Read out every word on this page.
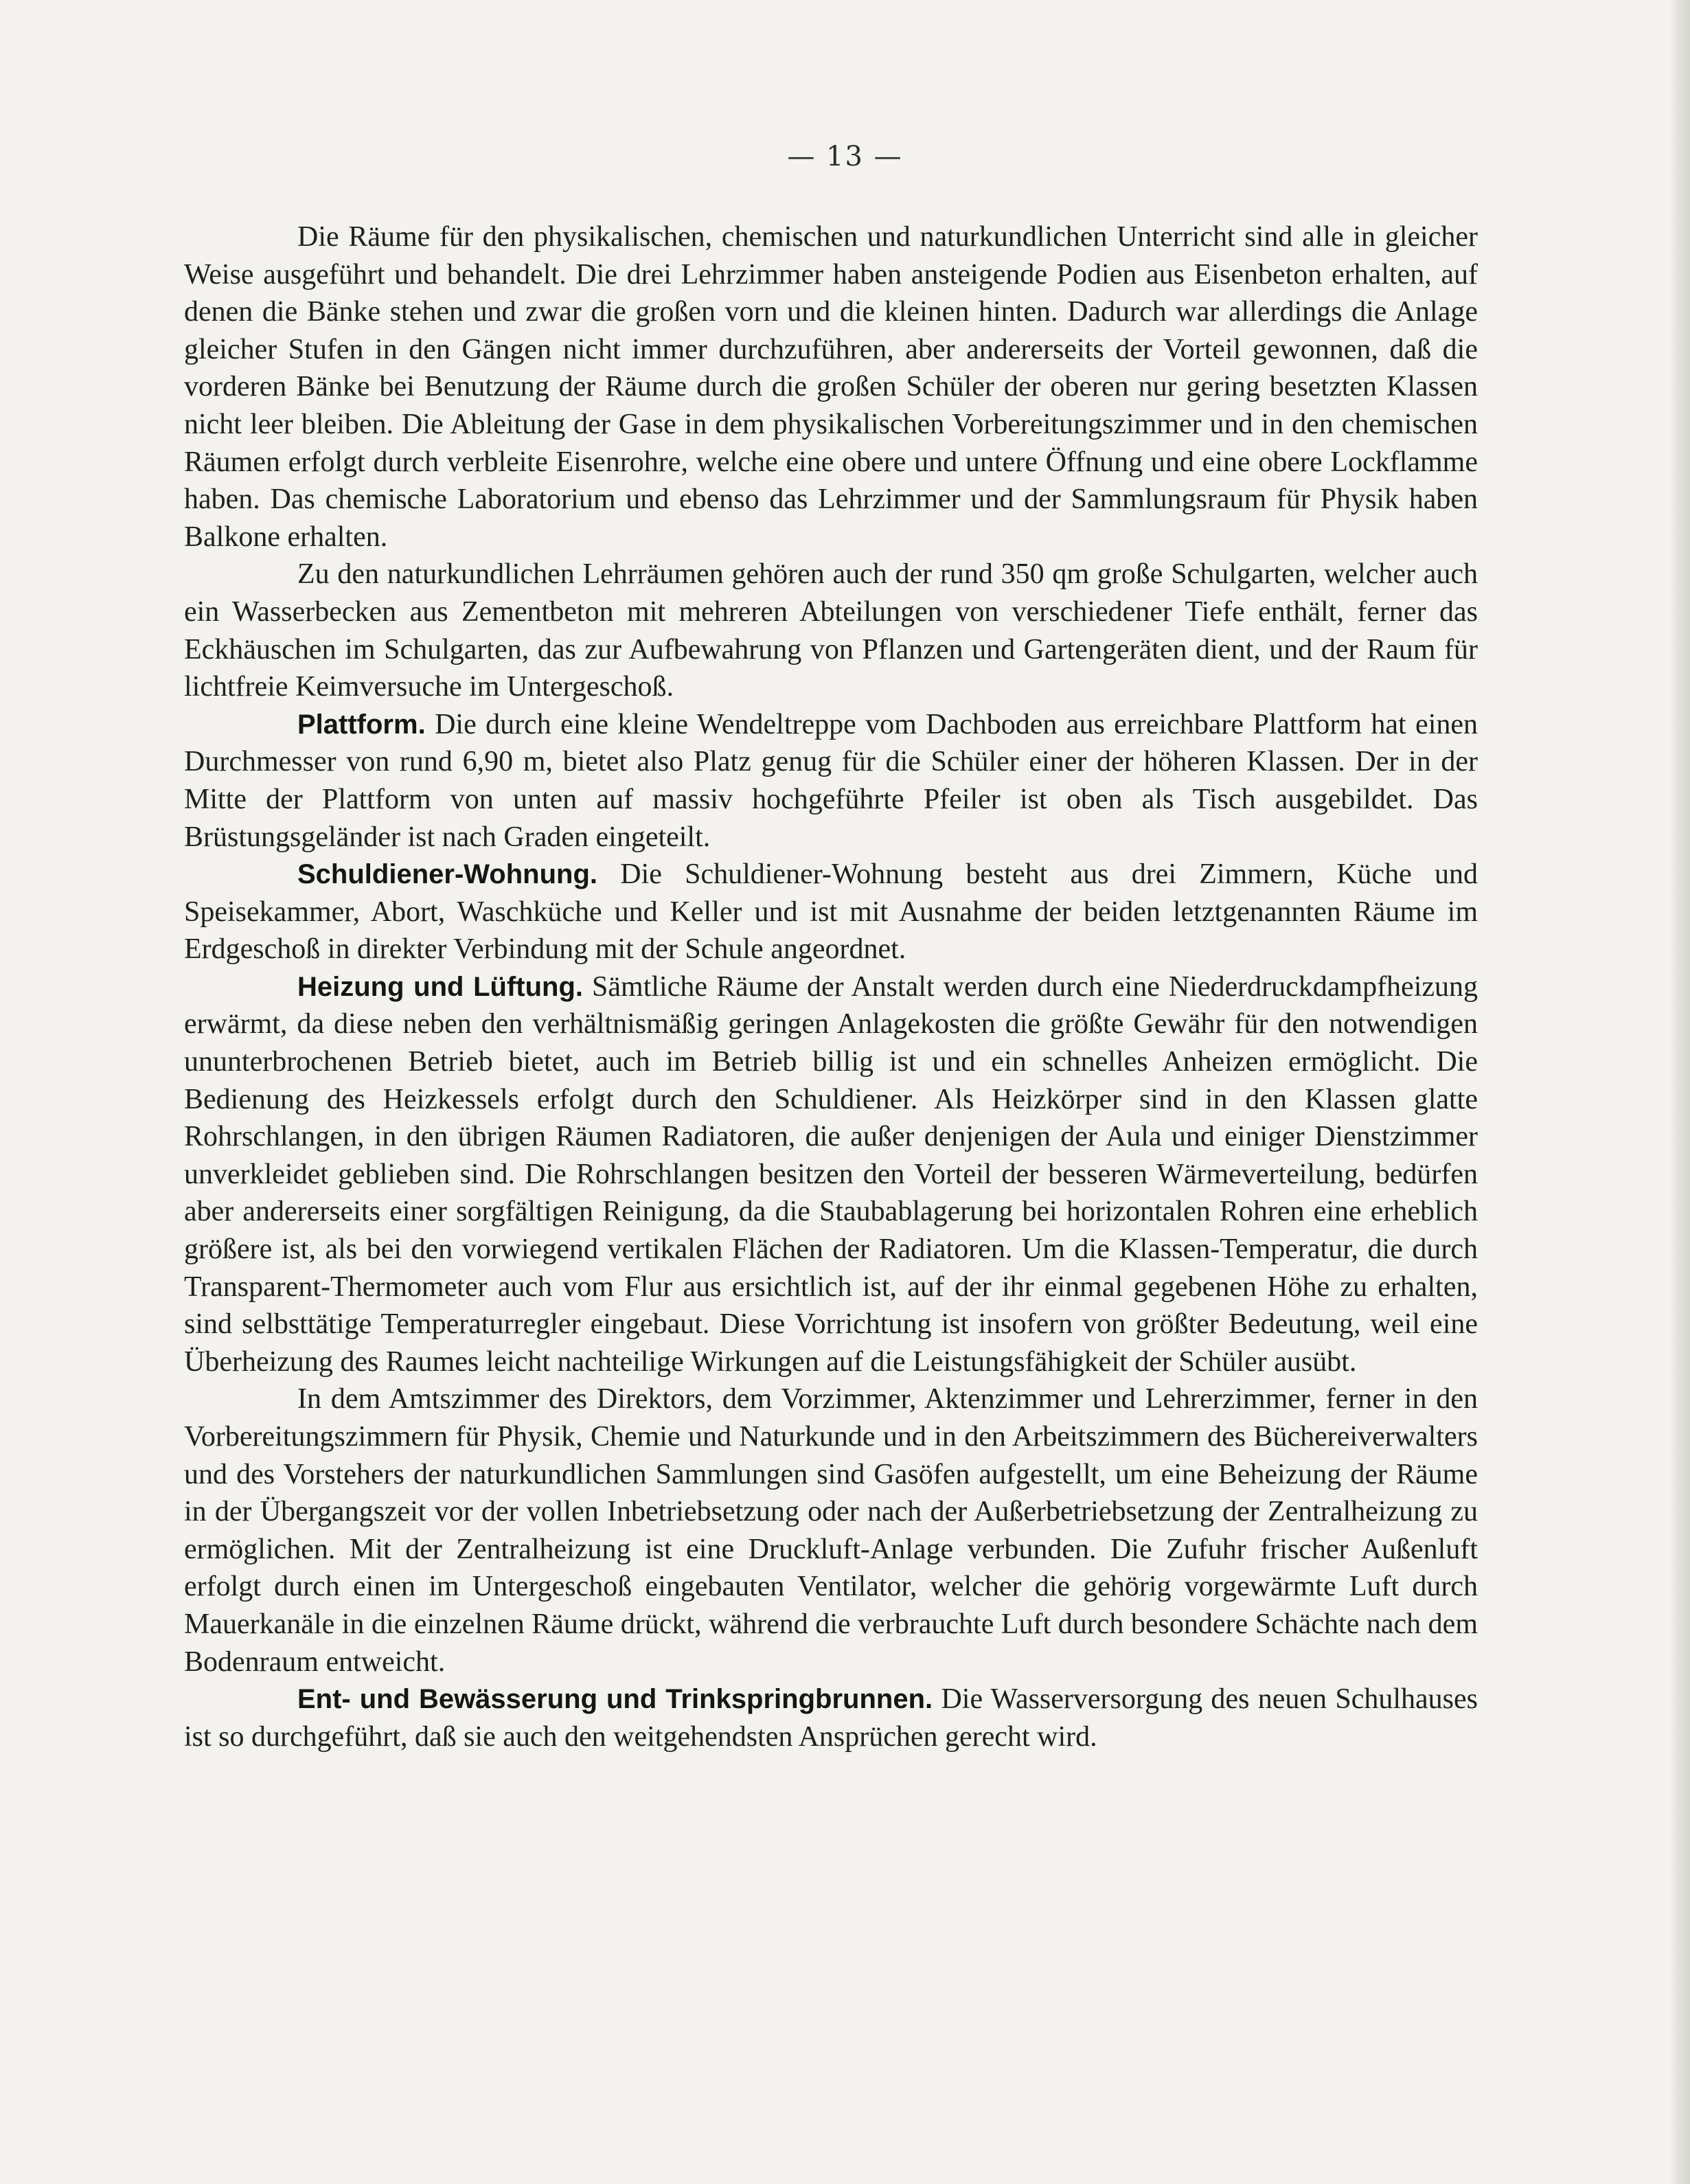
— 13 —

Die Räume für den physikalischen, chemischen und naturkundlichen Unterricht sind alle in gleicher Weise ausgeführt und behandelt. Die drei Lehrzimmer haben ansteigende Podien aus Eisenbeton erhalten, auf denen die Bänke stehen und zwar die großen vorn und die kleinen hinten. Dadurch war allerdings die Anlage gleicher Stufen in den Gängen nicht immer durchzuführen, aber andererseits der Vorteil gewonnen, daß die vorderen Bänke bei Benutzung der Räume durch die großen Schüler der oberen nur gering besetzten Klassen nicht leer bleiben. Die Ableitung der Gase in dem physikalischen Vorbereitungszimmer und in den chemischen Räumen erfolgt durch verbleite Eisenrohre, welche eine obere und untere Öffnung und eine obere Lockflamme haben. Das chemische Laboratorium und ebenso das Lehrzimmer und der Sammlungsraum für Physik haben Balkone erhalten.

Zu den naturkundlichen Lehrräumen gehören auch der rund 350 qm große Schulgarten, welcher auch ein Wasserbecken aus Zementbeton mit mehreren Abteilungen von verschiedener Tiefe enthält, ferner das Eckhäuschen im Schulgarten, das zur Aufbewahrung von Pflanzen und Gartengeräten dient, und der Raum für lichtfreie Keimversuche im Untergeschoß.

Plattform. Die durch eine kleine Wendeltreppe vom Dachboden aus erreichbare Plattform hat einen Durchmesser von rund 6,90 m, bietet also Platz genug für die Schüler einer der höheren Klassen. Der in der Mitte der Plattform von unten auf massiv hochgeführte Pfeiler ist oben als Tisch ausgebildet. Das Brüstungsgeländer ist nach Graden eingeteilt.

Schuldiener-Wohnung. Die Schuldiener-Wohnung besteht aus drei Zimmern, Küche und Speisekammer, Abort, Waschküche und Keller und ist mit Ausnahme der beiden letztgenannten Räume im Erdgeschoß in direkter Verbindung mit der Schule angeordnet.

Heizung und Lüftung. Sämtliche Räume der Anstalt werden durch eine Niederdruckdampfheizung erwärmt, da diese neben den verhältnismäßig geringen Anlagekosten die größte Gewähr für den notwendigen ununterbrochenen Betrieb bietet, auch im Betrieb billig ist und ein schnelles Anheizen ermöglicht. Die Bedienung des Heizkessels erfolgt durch den Schuldiener. Als Heizkörper sind in den Klassen glatte Rohrschlangen, in den übrigen Räumen Radiatoren, die außer denjenigen der Aula und einiger Dienstzimmer unverkleidet geblieben sind. Die Rohrschlangen besitzen den Vorteil der besseren Wärmeverteilung, bedürfen aber andererseits einer sorgfältigen Reinigung, da die Staubablagerung bei horizontalen Rohren eine erheblich größere ist, als bei den vorwiegend vertikalen Flächen der Radiatoren. Um die Klassen-Temperatur, die durch Transparent-Thermometer auch vom Flur aus ersichtlich ist, auf der ihr einmal gegebenen Höhe zu erhalten, sind selbsttätige Temperaturregler eingebaut. Diese Vorrichtung ist insofern von größter Bedeutung, weil eine Überheizung des Raumes leicht nachteilige Wirkungen auf die Leistungsfähigkeit der Schüler ausübt.

In dem Amtszimmer des Direktors, dem Vorzimmer, Aktenzimmer und Lehrerzimmer, ferner in den Vorbereitungszimmern für Physik, Chemie und Naturkunde und in den Arbeitszimmern des Büchereiverwalters und des Vorstehers der naturkundlichen Sammlungen sind Gasöfen aufgestellt, um eine Beheizung der Räume in der Übergangszeit vor der vollen Inbetriebsetzung oder nach der Außerbetriebsetzung der Zentralheizung zu ermöglichen. Mit der Zentralheizung ist eine Druckluft-Anlage verbunden. Die Zufuhr frischer Außenluft erfolgt durch einen im Untergeschoß eingebauten Ventilator, welcher die gehörig vorgewärmte Luft durch Mauerkanäle in die einzelnen Räume drückt, während die verbrauchte Luft durch besondere Schächte nach dem Bodenraum entweicht.

Ent- und Bewässerung und Trinkspringbrunnen. Die Wasserversorgung des neuen Schulhauses ist so durchgeführt, daß sie auch den weitgehendsten Ansprüchen gerecht wird.
